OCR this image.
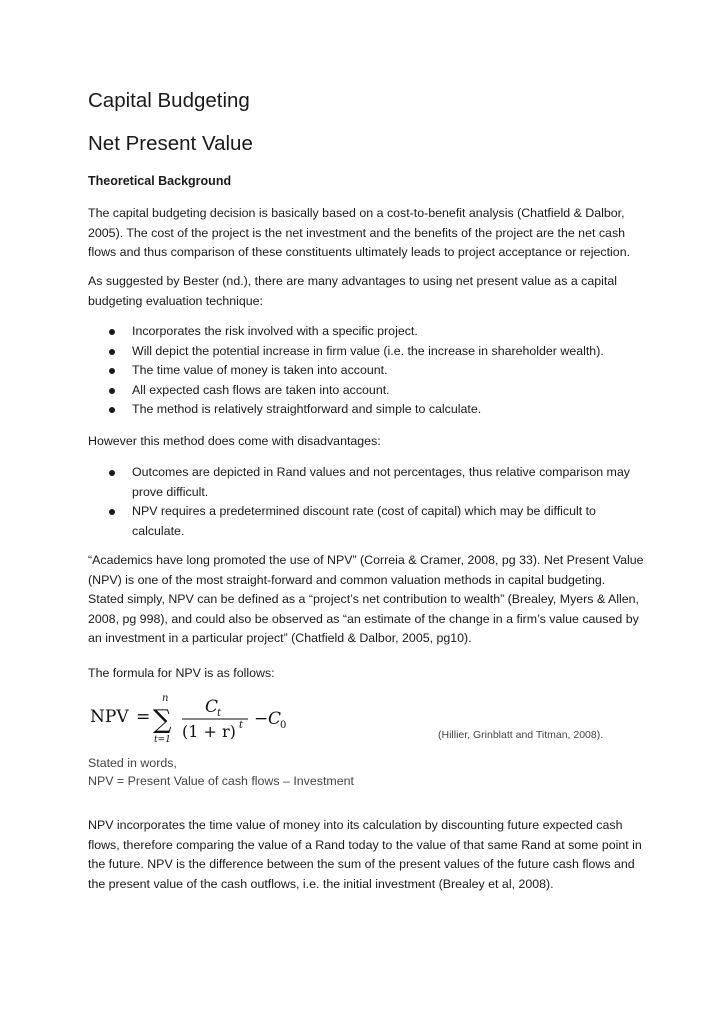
Capital Budgeting
Net Present Value

Theoretical Background

The capital budgeting decision is basically based on a cost-to-benefit analysis (Chatfield & Dalbor, 2005). The cost of the project is the net investment and the benefits of the project are the net cash flows and thus comparison of these constituents ultimately leads to project acceptance or rejection.

As suggested by Bester (nd.), there are many advantages to using net present value as a capital budgeting evaluation technique:

Incorporates the risk involved with a specific project.
Will depict the potential increase in firm value (i.e. the increase in shareholder wealth).
The time value of money is taken into account.
All expected cash flows are taken into account.
The method is relatively straightforward and simple to calculate.

However this method does come with disadvantages:

Outcomes are depicted in Rand values and not percentages, thus relative comparison may prove difficult.
NPV requires a predetermined discount rate (cost of capital) which may be difficult to calculate.

“Academics have long promoted the use of NPV” (Correia & Cramer, 2008, pg 33). Net Present Value (NPV) is one of the most straight-forward and common valuation methods in capital budgeting. Stated simply, NPV can be defined as a “project’s net contribution to wealth” (Brealey, Myers & Allen, 2008, pg 998), and could also be observed as “an estimate of the change in a firm’s value caused by an investment in a particular project” (Chatfield & Dalbor, 2005, pg10).

The formula for NPV is as follows:

NPV = ∑
n
t=1
C
t
(1 + r) t − C
0
(Hillier, Grinblatt and Titman, 2008).

Stated in words,
NPV = Present Value of cash flows – Investment

NPV incorporates the time value of money into its calculation by discounting future expected cash flows, therefore comparing the value of a Rand today to the value of that same Rand at some point in the future. NPV is the difference between the sum of the present values of the future cash flows and the present value of the cash outflows, i.e. the initial investment (Brealey et al, 2008).
